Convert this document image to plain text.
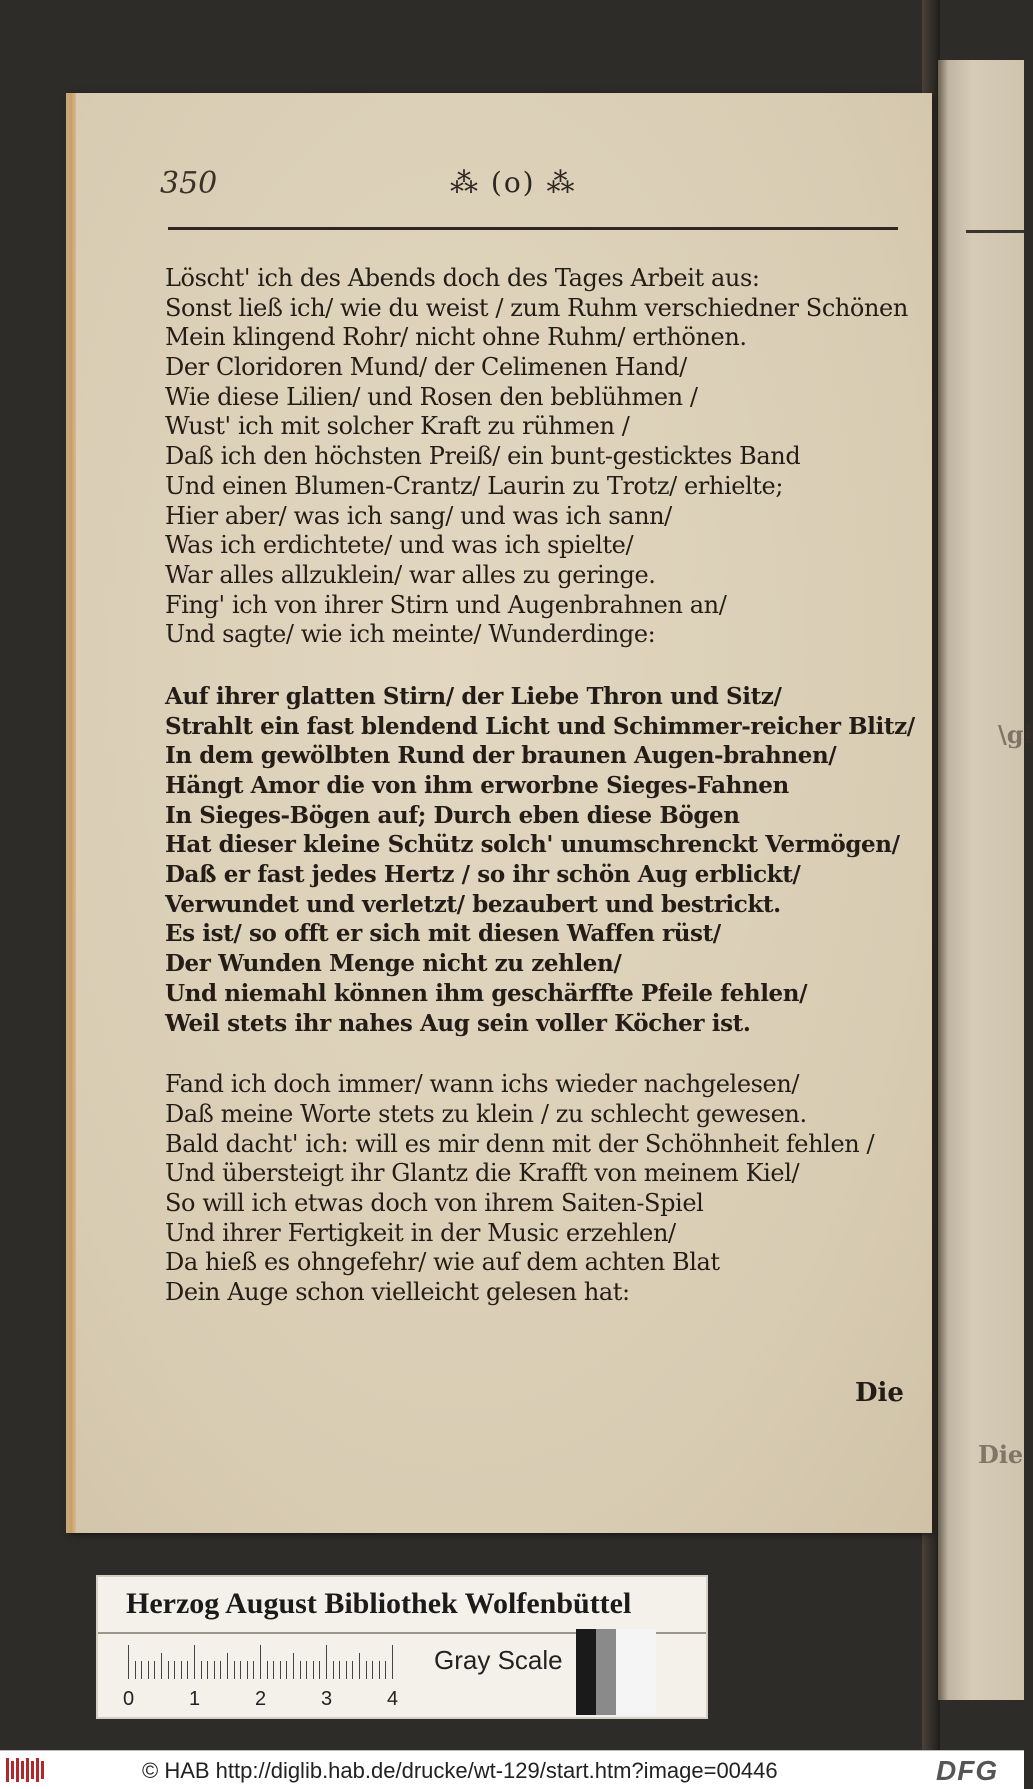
\gi
Die
350	⁂ (o) ⁂
Löscht' ich des Abends doch des Tages Arbeit aus:
Sonst ließ ich/ wie du weist / zum Ruhm verschiedner Schönen
Mein klingend Rohr/ nicht ohne Ruhm/ erthönen.
Der Cloridoren Mund/ der Celimenen Hand/
Wie diese Lilien/ und Rosen den beblühmen /
Wust' ich mit solcher Kraft zu rühmen /
Daß ich den höchsten Preiß/ ein bunt-gesticktes Band
Und einen Blumen-Crantz/ Laurin zu Trotz/ erhielte;
Hier aber/ was ich sang/ und was ich sann/
Was ich erdichtete/ und was ich spielte/
War alles allzuklein/ war alles zu geringe.
Fing' ich von ihrer Stirn und Augenbrahnen an/
Und sagte/ wie ich meinte/ Wunderdinge:
Auf ihrer glatten Stirn/ der Liebe Thron und Sitz/
Strahlt ein fast blendend Licht und Schimmer-reicher Blitz/
In dem gewölbten Rund der braunen Augen-brahnen/
Hängt Amor die von ihm erworbne Sieges-Fahnen
In Sieges-Bögen auf; Durch eben diese Bögen
Hat dieser kleine Schütz solch' unumschrenckt Vermögen/
Daß er fast jedes Hertz / so ihr schön Aug erblickt/
Verwundet und verletzt/ bezaubert und bestrickt.
Es ist/ so offt er sich mit diesen Waffen rüst/
Der Wunden Menge nicht zu zehlen/
Und niemahl können ihm geschärffte Pfeile fehlen/
Weil stets ihr nahes Aug sein voller Köcher ist.
Fand ich doch immer/ wann ichs wieder nachgelesen/
Daß meine Worte stets zu klein / zu schlecht gewesen.
Bald dacht' ich: will es mir denn mit der Schöhnheit fehlen /
Und übersteigt ihr Glantz die Krafft von meinem Kiel/
So will ich etwas doch von ihrem Saiten-Spiel
Und ihrer Fertigkeit in der Music erzehlen/
Da hieß es ohngefehr/ wie auf dem achten Blat
Dein Auge schon vielleicht gelesen hat:
Die
Herzog August Bibliothek Wolfenbüttel
0	1	2	3	4
Gray Scale
© HAB http://diglib.hab.de/drucke/wt-129/start.htm?image=00446	DFG
